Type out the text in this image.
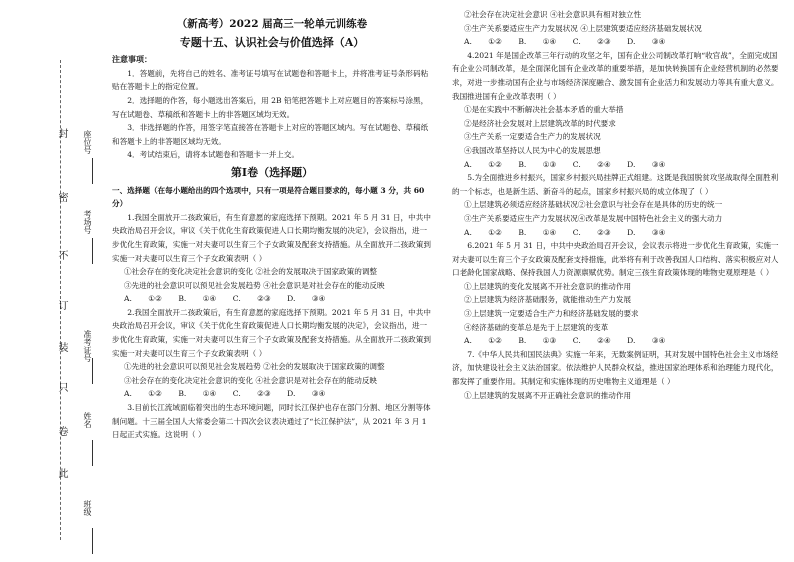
封
密
不
订
装
只
卷
此
座位号
考场号
准考证号
姓名
班级

（新高考）2022 届高三一轮单元训练卷

专题十五、认识社会与价值选择（A）

注意事项：

1．答题前，先将自己的姓名、准考证号填写在试题卷和答题卡上，并将准考证号条形码粘贴在答题卡上的指定位置。

2．选择题的作答，每小题选出答案后，用 2B 铅笔把答题卡上对应题目的答案标号涂黑，写在试题卷、草稿纸和答题卡上的非答题区域均无效。

3．非选择题的作答，用签字笔直接答在答题卡上对应的答题区域内。写在试题卷、草稿纸和答题卡上的非答题区域均无效。

4．考试结束后，请将本试题卷和答题卡一并上交。

第Ⅰ卷（选择题）

一、选择题（在每小题给出的四个选项中，只有一项是符合题目要求的，每小题 3 分，共 60 分）

1.我国全面放开二孩政策后，有生育意愿的家庭选择下预期。2021 年 5 月 31 日，中共中央政治局召开会议，审议《关于优化生育政策促进人口长期均衡发展的决定》，会议指出，进一步优化生育政策，实施一对夫妻可以生育三个子女政策及配套支持措施。从全面放开二孩政策到实施一对夫妻可以生育三个子女政策表明（ ）

①社会存在的变化决定社会意识的变化 ②社会的发展取决于国家政策的调整

③先进的社会意识可以预见社会发展趋势 ④社会意识是对社会存在的能动反映

A. ①② B. ①④ C. ②③ D. ③④

2.我国全面放开二孩政策后，有生育意愿的家庭选择下预期。2021 年 5 月 31 日，中共中央政治局召开会议，审议《关于优化生育政策促进人口长期均衡发展的决定》，会议指出，进一步优化生育政策，实施一对夫妻可以生育三个子女政策及配套支持措施。从全面放开二孩政策到实施一对夫妻可以生育三个子女政策表明（ ）

①先进的社会意识可以预见社会发展趋势 ②社会的发展取决于国家政策的调整

③社会存在的变化决定社会意识的变化 ④社会意识是对社会存在的能动反映

A. ①② B. ①④ C. ②③ D. ③④

3.目前长江流域面临着突出的生态环境问题，同时长江保护也存在部门分割、地区分割等体制问题。十三届全国人大常委会第二十四次会议表决通过了“长江保护法”，从 2021 年 3 月 1 日起正式实施。这说明（ ）

②社会存在决定社会意识 ④社会意识具有相对独立性

③生产关系要适应生产力发展状况 ④上层建筑要适应经济基础发展状况

A. ①② B. ①④ C. ②③ D. ③④

4.2021 年是国企改革三年行动的攻坚之年，国有企业公司制改革打响“收官战”，全面完成国有企业公司制改革，是全面深化国有企业改革的重要举措，是加快转换国有企业经营机制的必然要求，对进一步推动国有企业与市场经济深度融合、激发国有企业活力和发展动力等具有重大意义。我国推进国有企业改革表明（ ）

①是在实践中不断解决社会基本矛盾的重大举措

②是经济社会发展对上层建筑改革的时代要求

③生产关系一定要适合生产力的发展状况

④我国改革坚持以人民为中心的发展思想

A. ①② B. ①③ C. ②④ D. ③④

5.为全面推进乡村振兴，国家乡村振兴局挂牌正式组建。这既是我国脱贫攻坚战取得全面胜利的一个标志，也是新生活、新奋斗的起点，国家乡村振兴局的成立体现了（ ）

①上层建筑必须适应经济基础状况②社会意识与社会存在是具体的历史的统一

③生产关系要适应生产力发展状况④改革是发展中国特色社会主义的强大动力

A. ①② B. ①④ C. ②③ D. ③④

6.2021 年 5 月 31 日，中共中央政治局召开会议，会议表示将进一步优化生育政策，实施一对夫妻可以生育三个子女政策及配套支持措施，此举将有利于改善我国人口结构、落实积极应对人口老龄化国家战略、保持我国人力资源禀赋优势。制定三孩生育政策体现的唯物史观原理是（ ）

①上层建筑的变化发展离不开社会意识的推动作用

②上层建筑为经济基础服务，就能推动生产力发展

③上层建筑一定要适合生产力和经济基础发展的要求

④经济基础的变革总是先于上层建筑的变革

A. ①② B. ①③ C. ②④ D. ③④

7.《中华人民共和国民法典》实施一年来，无数案例证明，其对发展中国特色社会主义市场经济，加快建设社会主义法治国家。依法维护人民群众权益，推进国家治理体系和治理能力现代化，都发挥了重要作用。其制定和实施体现的历史唯物主义道理是（ ）

①上层建筑的发展离不开正确社会意识的推动作用
